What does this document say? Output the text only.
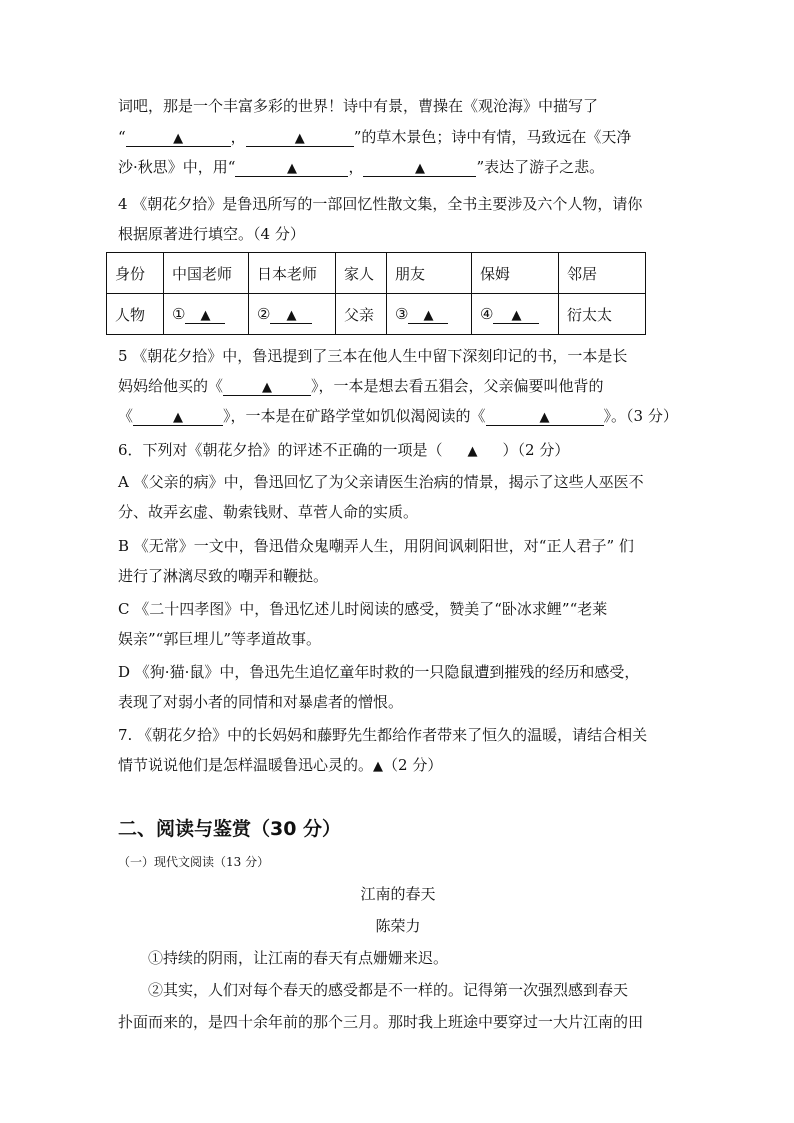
词吧，那是一个丰富多彩的世界！诗中有景，曹操在《观沧海》中描写了
“	▲	，	▲	”的草木景色；诗中有情，马致远在《天净
沙·秋思》中，用“	▲	，	▲	”表达了游子之悲。
4 《朝花夕拾》是鲁迅所写的一部回忆性散文集，全书主要涉及六个人物，请你
根据原著进行填空。（4 分）
身份	中国老师	日本老师	家人	朋友	保姆	邻居
人物	① ▲	② ▲	父亲	③ ▲	④ ▲	衍太太
5 《朝花夕拾》中，鲁迅提到了三本在他人生中留下深刻印记的书，一本是长
妈妈给他买的《	▲	》，一本是想去看五猖会，父亲偏要叫他背的
《	▲	》，一本是在矿路学堂如饥似渴阅读的《	▲	》。（3 分）
6．下列对《朝花夕拾》的评述不正确的一项是（ ▲ ）（2 分）
A 《父亲的病》中，鲁迅回忆了为父亲请医生治病的情景，揭示了这些人巫医不
分、故弄玄虚、勒索钱财、草菅人命的实质。
B 《无常》一文中，鲁迅借众鬼嘲弄人生，用阴间讽刺阳世，对“正人君子” 们
进行了淋漓尽致的嘲弄和鞭挞。
C 《二十四孝图》中，鲁迅忆述儿时阅读的感受，赞美了“卧冰求鲤”“老莱
娱亲”“郭巨埋儿”等孝道故事。
D 《狗·猫·鼠》中，鲁迅先生追忆童年时救的一只隐鼠遭到摧残的经历和感受，
表现了对弱小者的同情和对暴虐者的憎恨。
7. 《朝花夕拾》中的长妈妈和藤野先生都给作者带来了恒久的温暖，请结合相关
情节说说他们是怎样温暖鲁迅心灵的。▲（2 分）
二、阅读与鉴赏（30 分）
（一）现代文阅读（13 分）
江南的春天
陈荣力
①持续的阴雨，让江南的春天有点姗姗来迟。
②其实，人们对每个春天的感受都是不一样的。记得第一次强烈感到春天
扑面而来的，是四十余年前的那个三月。那时我上班途中要穿过一大片江南的田
